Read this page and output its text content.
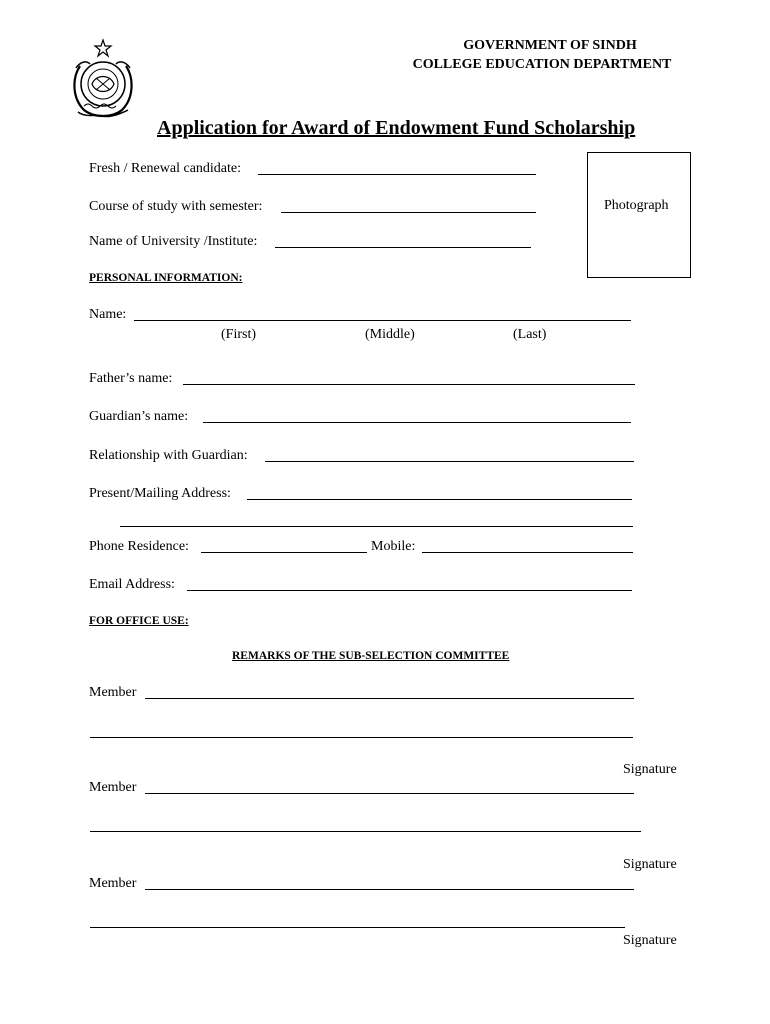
GOVERNMENT OF SINDH
COLLEGE EDUCATION DEPARTMENT
Application for Award of Endowment Fund Scholarship
Photograph
Fresh / Renewal candidate:
Course of study with semester:
Name of University /Institute:
PERSONAL INFORMATION:
Name:
(First)	(Middle)	(Last)
Father’s name:
Guardian’s name:
Relationship with Guardian:
Present/Mailing Address:
Phone Residence:	Mobile:
Email Address:
FOR OFFICE USE:
REMARKS OF THE SUB-SELECTION COMMITTEE
Member
Signature
Member
Signature
Member
Signature
